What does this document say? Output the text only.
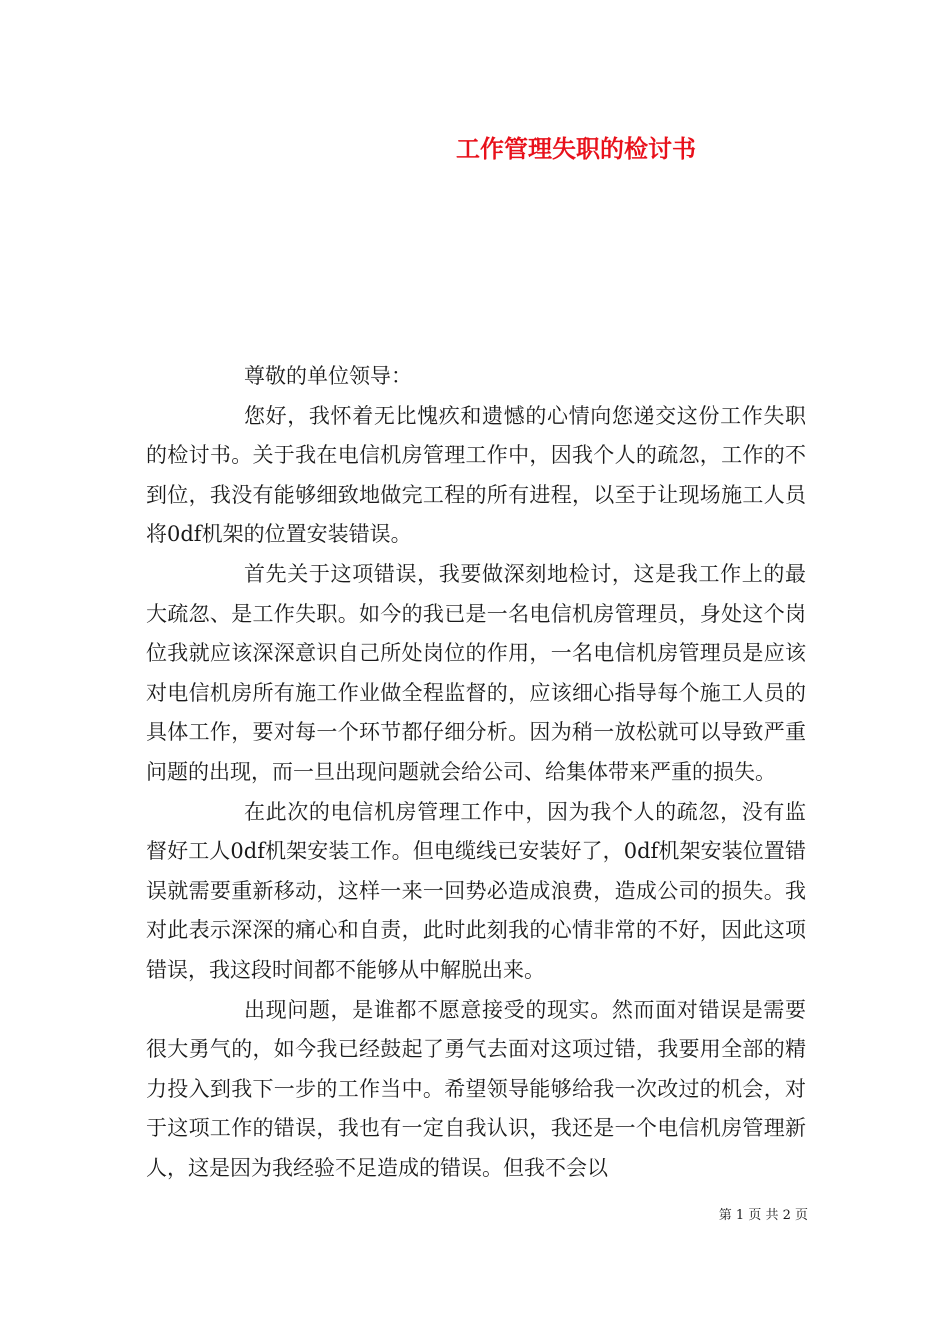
工作管理失职的检讨书

尊敬的单位领导：

您好，我怀着无比愧疚和遗憾的心情向您递交这份工作失职的检讨书。关于我在电信机房管理工作中，因我个人的疏忽，工作的不到位，我没有能够细致地做完工程的所有进程，以至于让现场施工人员将0df机架的位置安装错误。

首先关于这项错误，我要做深刻地检讨，这是我工作上的最大疏忽、是工作失职。如今的我已是一名电信机房管理员，身处这个岗位我就应该深深意识自己所处岗位的作用，一名电信机房管理员是应该对电信机房所有施工作业做全程监督的，应该细心指导每个施工人员的具体工作，要对每一个环节都仔细分析。因为稍一放松就可以导致严重问题的出现，而一旦出现问题就会给公司、给集体带来严重的损失。

在此次的电信机房管理工作中，因为我个人的疏忽，没有监督好工人0df机架安装工作。但电缆线已安装好了，0df机架安装位置错误就需要重新移动，这样一来一回势必造成浪费，造成公司的损失。我对此表示深深的痛心和自责，此时此刻我的心情非常的不好，因此这项错误，我这段时间都不能够从中解脱出来。

出现问题，是谁都不愿意接受的现实。然而面对错误是需要很大勇气的，如今我已经鼓起了勇气去面对这项过错，我要用全部的精力投入到我下一步的工作当中。希望领导能够给我一次改过的机会，对于这项工作的错误，我也有一定自我认识，我还是一个电信机房管理新人，这是因为我经验不足造成的错误。但我不会以

第 1 页 共 2 页
